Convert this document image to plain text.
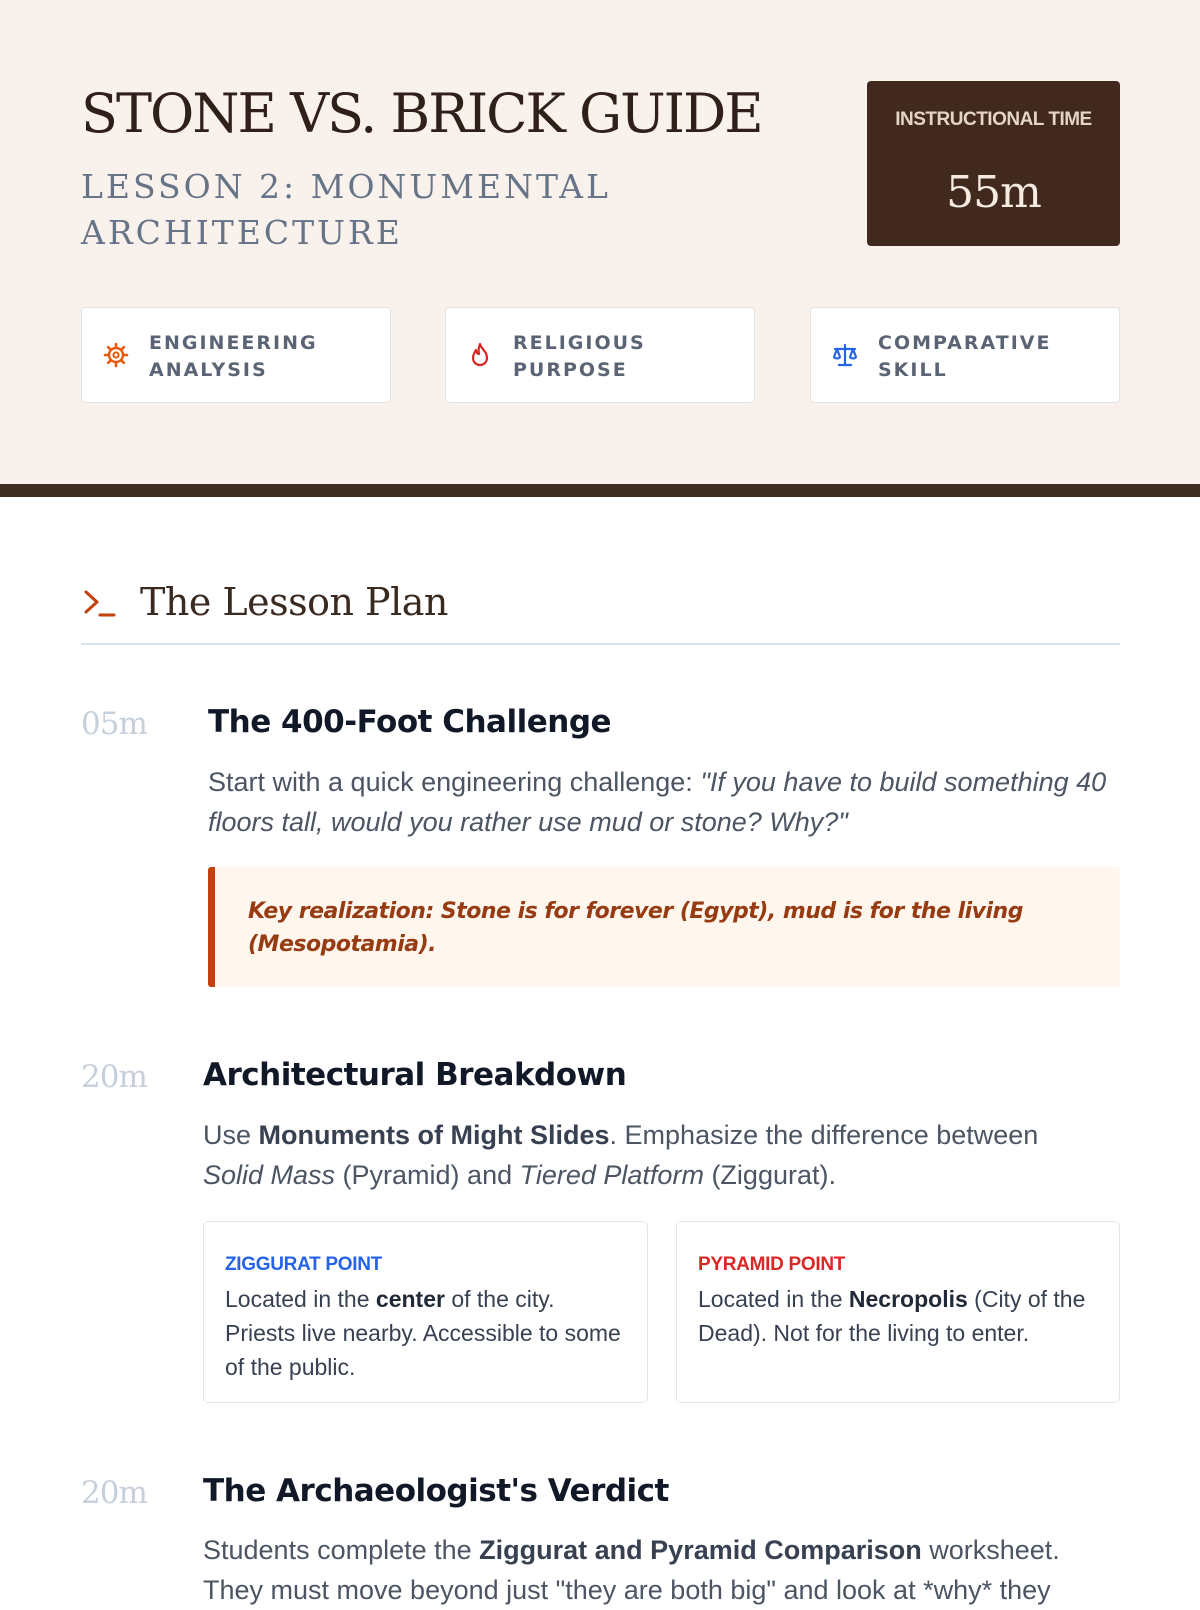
STONE VS. BRICK GUIDE
LESSON 2: MONUMENTAL ARCHITECTURE
INSTRUCTIONAL TIME
55m
ENGINEERING
ANALYSIS
RELIGIOUS
PURPOSE
COMPARATIVE
SKILL
The Lesson Plan
05m The 400-Foot Challenge
Start with a quick engineering challenge: "If you have to build something 40 floors tall, would you rather use mud or stone? Why?"
Key realization: Stone is for forever (Egypt), mud is for the living (Mesopotamia).
20m Architectural Breakdown
Use Monuments of Might Slides. Emphasize the difference between Solid Mass (Pyramid) and Tiered Platform (Ziggurat).
ZIGGURAT POINT
Located in the center of the city. Priests live nearby. Accessible to some of the public.
PYRAMID POINT
Located in the Necropolis (City of the Dead). Not for the living to enter.
20m The Archaeologist's Verdict
Students complete the Ziggurat and Pyramid Comparison worksheet. They must move beyond just "they are both big" and look at *why* they
